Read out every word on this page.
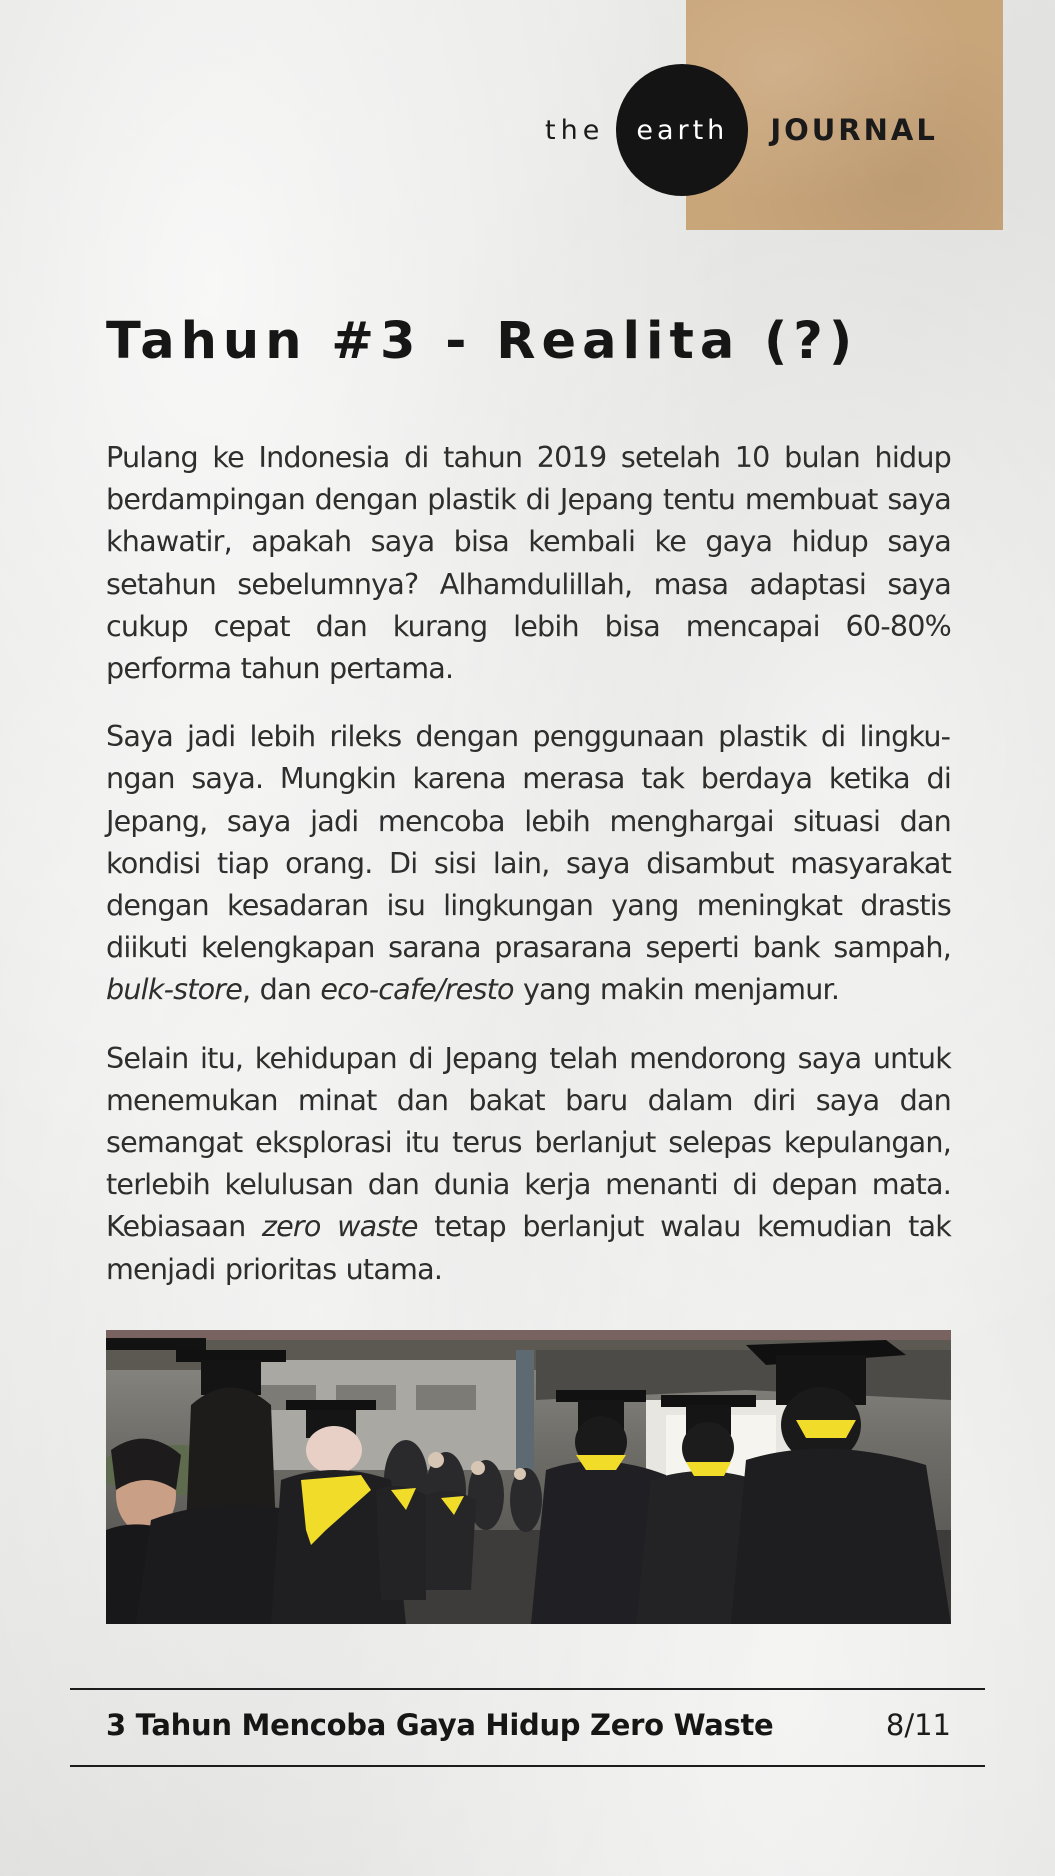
the earth JOURNAL
Tahun #3 - Realita (?)

Pulang ke Indonesia di tahun 2019 setelah 10 bulan hidup berdampingan dengan plastik di Jepang tentu membuat saya khawatir, apakah saya bisa kembali ke gaya hidup saya setahun sebelumnya? Alhamdulillah, masa adaptasi saya cukup cepat dan kurang lebih bisa mencapai 60-80% performa tahun pertama.

Saya jadi lebih rileks dengan penggunaan plastik di lingkungan saya. Mungkin karena merasa tak berdaya ketika di Jepang, saya jadi mencoba lebih menghargai situasi dan kondisi tiap orang. Di sisi lain, saya disambut masyarakat dengan kesadaran isu lingkungan yang meningkat drastis diikuti kelengkapan sarana prasarana seperti bank sampah, bulk-store, dan eco-cafe/resto yang makin menjamur.

Selain itu, kehidupan di Jepang telah mendorong saya untuk menemukan minat dan bakat baru dalam diri saya dan semangat eksplorasi itu terus berlanjut selepas kepulangan, terlebih kelulusan dan dunia kerja menanti di depan mata. Kebiasaan zero waste tetap berlanjut walau kemudian tak menjadi prioritas utama.

3 Tahun Mencoba Gaya Hidup Zero Waste	8/11
